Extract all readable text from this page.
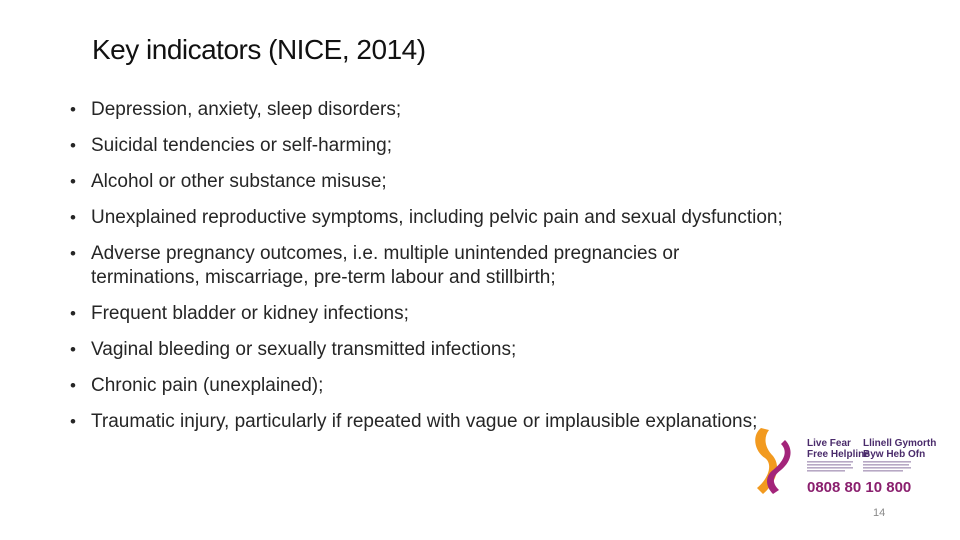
Key indicators (NICE, 2014)
• Depression, anxiety, sleep disorders;
• Suicidal tendencies or self-harming;
• Alcohol or other substance misuse;
• Unexplained reproductive symptoms, including pelvic pain and sexual dysfunction;
• Adverse pregnancy outcomes, i.e. multiple unintended pregnancies or terminations, miscarriage, pre-term labour and stillbirth;
• Frequent bladder or kidney infections;
• Vaginal bleeding or sexually transmitted infections;
• Chronic pain (unexplained);
• Traumatic injury, particularly if repeated with vague or implausible explanations;
Live Fear
Free Helpline
Llinell Gymorth
Byw Heb Ofn
0808 80 10 800
14
